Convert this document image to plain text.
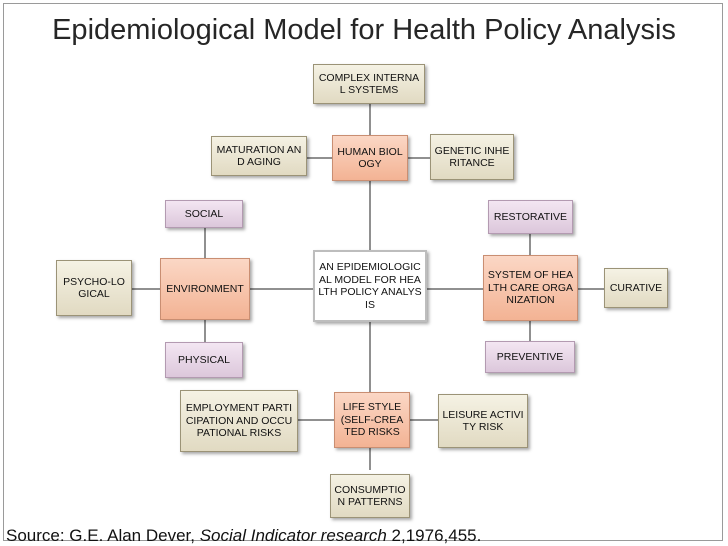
Epidemiological Model for Health Policy Analysis
COMPLEX INTERNAL SYSTEMS
MATURATION AND AGING
HUMAN BIOLOGY
GENETIC INHERITANCE
SOCIAL	RESTORATIVE
PSYCHO-LOGICAL	ENVIRONMENT
AN EPIDEMIOLOGICAL MODEL FOR HEALTH POLICY ANALYSIS
SYSTEM OF HEALTH CARE ORGANIZATION
CURATIVE
PHYSICAL	PREVENTIVE
EMPLOYMENT PARTICIPATION AND OCCUPATIONAL RISKS
LIFE STYLE (SELF-CREATED RISKS
LEISURE ACTIVITY RISK
CONSUMPTION PATTERNS
Source: G.E. Alan Dever, Social Indicator research 2,1976,455.
